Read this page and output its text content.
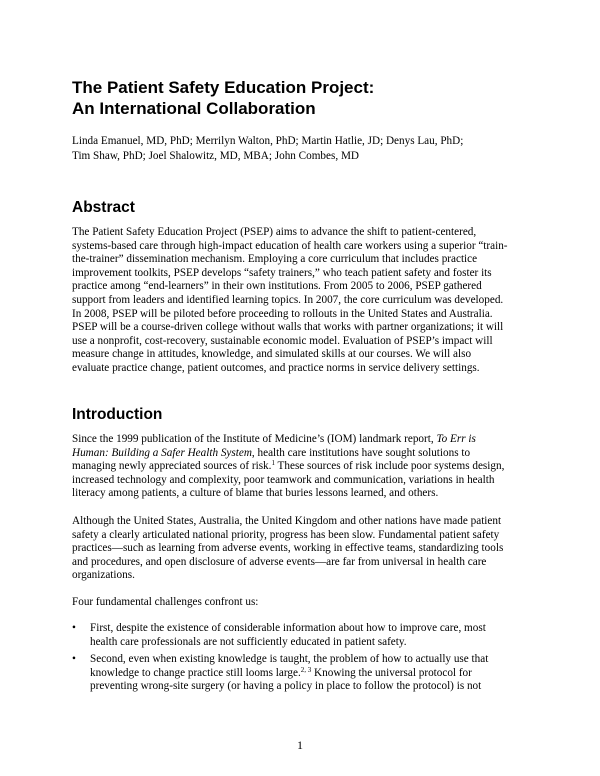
The Patient Safety Education Project:
An International Collaboration
Linda Emanuel, MD, PhD; Merrilyn Walton, PhD; Martin Hatlie, JD; Denys Lau, PhD;
Tim Shaw, PhD; Joel Shalowitz, MD, MBA; John Combes, MD
Abstract
The Patient Safety Education Project (PSEP) aims to advance the shift to patient-centered,
systems-based care through high-impact education of health care workers using a superior “train-
the-trainer” dissemination mechanism. Employing a core curriculum that includes practice
improvement toolkits, PSEP develops “safety trainers,” who teach patient safety and foster its
practice among “end-learners” in their own institutions. From 2005 to 2006, PSEP gathered
support from leaders and identified learning topics. In 2007, the core curriculum was developed.
In 2008, PSEP will be piloted before proceeding to rollouts in the United States and Australia.
PSEP will be a course-driven college without walls that works with partner organizations; it will
use a nonprofit, cost-recovery, sustainable economic model. Evaluation of PSEP’s impact will
measure change in attitudes, knowledge, and simulated skills at our courses. We will also
evaluate practice change, patient outcomes, and practice norms in service delivery settings.
Introduction
Since the 1999 publication of the Institute of Medicine’s (IOM) landmark report, To Err is
Human: Building a Safer Health System, health care institutions have sought solutions to
managing newly appreciated sources of risk.$^1$ These sources of risk include poor systems design,
increased technology and complexity, poor teamwork and communication, variations in health
literacy among patients, a culture of blame that buries lessons learned, and others.
Although the United States, Australia, the United Kingdom and other nations have made patient
safety a clearly articulated national priority, progress has been slow. Fundamental patient safety
practices—such as learning from adverse events, working in effective teams, standardizing tools
and procedures, and open disclosure of adverse events—are far from universal in health care
organizations.
Four fundamental challenges confront us:
• First, despite the existence of considerable information about how to improve care, most
health care professionals are not sufficiently educated in patient safety.
• Second, even when existing knowledge is taught, the problem of how to actually use that
knowledge to change practice still looms large.$^{2, 3}$ Knowing the universal protocol for
preventing wrong-site surgery (or having a policy in place to follow the protocol) is not
1
